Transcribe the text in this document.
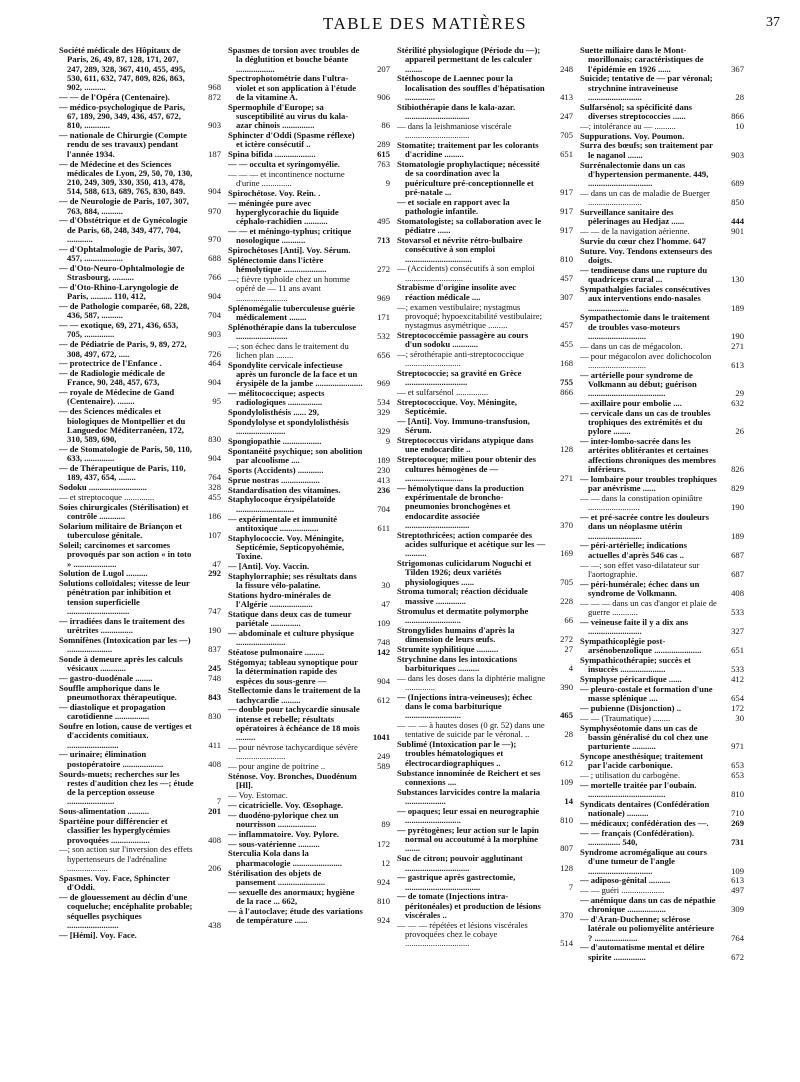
TABLE DES MATIÈRES	37
Société médicale des Hôpitaux de Paris, 26, 49, 87, 128, 171, 207, 247, 289, 328, 367, 410, 455, 495, 530, 611, 632, 747, 809, 826, 863, 902, ..........	968
— — de l'Opéra (Centenaire).	872
— médico-psychologique de Paris, 67, 189, 290, 349, 436, 457, 672, 810, ............	903
— nationale de Chirurgie (Compte rendu de ses travaux) pendant l'année 1934.	187
— de Médecine et des Sciences médicales de Lyon, 29, 50, 70, 130, 210, 249, 309, 330, 350, 413, 478, 514, 588, 613, 689, 765, 830, 849.	904
— de Neurologie de Paris, 107, 307, 763, 884, ..........	970
— d'Obstétrique et de Gynécologie de Paris, 68, 248, 349, 477, 704, ............	970
— d'Ophtalmologie de Paris, 307, 457, ..................	688
— d'Oto-Neuro-Ophtalmologie de Strasbourg, ..........	766
— d'Oto-Rhino-Laryngologie de Paris, .......... 110, 412,	904
— de Pathologie comparée, 68, 228, 436, 587, ..........	704
— — exotique, 69, 271, 436, 653, 705, ..............	903
— de Pédiatrie de Paris, 9, 89, 272, 308, 497, 672, .....	726
— protectrice de l'Enfance .	464
— de Radiologie médicale de France, 90, 248, 457, 673,	904
— royale de Médecine de Gand (Centenaire). ........	95
— des Sciences médicales et biologiques de Montpellier et du Languedoc Méditerranéen, 172, 310, 589, 690,	830
— de Stomatologie de Paris, 50, 110, 633, ..............	904
— de Thérapeutique de Paris, 110, 189, 437, 654, ........	764
Sodoku ...........................	328
— et streptocoque ..............	455
Soies chirurgicales (Stérilisation) et contrôle ............	186
Solarium militaire de Briançon et tuberculose génitale.	107
Soleil; carcinomes et sarcomes provoqués par son action « in toto » ....................	47
Solution de Lugol ..........	292
Solutions colloïdales; vitesse de leur pénétration par inhibition et tension superficielle .............................	747
— irradiées dans le traitement des urétrites ...............	190
Somnifènes (Intoxication par les —) .....................	837
Sonde à demeure après les calculs vésicaux ............	245
— gastro-duodénale ........	748
Souffle amphorique dans le pneumothorax thérapeutique.	843
— diastolique et propagation carotidienne ................	830
Soufre en lotion, cause de vertiges et d'accidents comitiaux. ........................	411
— urinaire; élimination postopératoire ...................	408
Sourds-muets; recherches sur les restes d'audition chez les —; étude de la perception osseuse ......................	7
Sous-alimentation ..........	201
Spartéine pour différencier et classifier les hyperglycémies provoquées ..................	408
—; son action sur l'inversion des effets hypertenseurs de l'adrénaline ...................	206
Spasmes. Voy. Face, Sphincter d'Oddi.
— de glouessement au déclin d'une coqueluche; encéphalite probable; séquelles psychiques ........................	438
— [Hémi]. Voy. Face.
Spasmes de torsion avec troubles de la déglutition et bouche béante ..................	207
Spectrophotométrie dans l'ultra-violet et son application à l'étude de la vitamine A.	906
Spermophile d'Europe; sa susceptibilité au virus du kala-azar chinois ...............	86
Sphincter d'Oddi (Spasme réflexe) et ictère consécutif ..	289
Spina bifida ...................	615
— — occulta et syringomyélie.	763
— — — et incontinence nocturne d'urine ..............	9
Spirochétose. Voy. Rein. .
— méningée pure avec hyperglycorachie du liquide céphalo-rachidien ...........	495
— — et méningo-typhus; critique nosologique ...........	713
Spirochétoses [Anti]. Voy. Sérum.
Splénectomie dans l'ictère hémolytique ....................	272
—; fièvre typhoïde chez un homme opéré de — 11 ans avant ........................	969
Splénomégalie tuberculeuse guérie médicalement ........	171
Splénothérapie dans la tuberculose ........................	532
—; son échec dans le traitement du lichen plan ........	656
Spondylite cervicale infectieuse après un furoncle de la face et un érysipèle de la jambe ......................	969
— mélitococcique; aspects radiologiques ................	534
Spondylolisthésis ...... 29,	329
Spondylolyse et spondylolisthésis .......................	329
Spongiopathie ..................	9
Spontanéité psychique; son abolition par alcoolisme ....	189
Sports (Accidents) ............	230
Sprue nostras ..................	413
Standardisation des vitamines.	236
Staphylocoque érysipélatoïde ...........................	704
— expérimentale et immunité antitoxique ..................	611
Staphylococcie. Voy. Méningite, Septicémie, Septicopyohémie, Toxine.
— [Anti]. Voy. Vaccin.
Staphylorraphie; ses résultats dans la fissure vélo-palatine.	30
Stations hydro-minérales de l'Algérie ....................	47
Statique dans deux cas de tumeur pariétale ..............	109
— abdominale et culture physique .......................	748
Stéatose pulmonaire .........	142
Stégomya; tableau synoptique pour la détermination rapide des espèces du sous-genre —	904
Stellectomie dans le traitement de la tachycardie .........	612
— double pour tachycardie sinusale intense et rebelle; résultats opératoires à échéance de 18 mois .........	1041
— pour névrose tachycardique sévère .......................	249
— pour angine de poitrine ..	589
Sténose. Voy. Bronches, Duodénum [Hl].
— Voy. Estomac.
— cicatricielle. Voy. Œsophage.
— duodéno-pylorique chez un nourrisson ..................	89
— inflammatoire. Voy. Pylore.
— sous-vatérienne ..........	172
Sterculia Kola dans la pharmacologie .......................	12
Stérilisation des objets de pansement ......................	924
— sexuelle des anormaux; hygiène de la race ... 662,	810
— à l'autoclave; étude des variations de température ......	924
Stérilité physiologique (Période du —); appareil permettant de les calculer ........	248
Stéthoscope de Laennec pour la localisation des souffles d'hépatisation ..............	413
Stibiothérapie dans le kala-azar. ..............................	247
— dans la leishmaniose viscérale ..............................	705
Stomatite; traitement par les colorants d'acridine .........	651
Stomatologie prophylactique; nécessité de sa coordination avec la puériculture pré-conceptionnelle et pré-natale ...	917
— et sociale en rapport avec la pathologie infantile.	917
Stomatologiste; sa collaboration avec le pédiatre ......	917
Stovarsol et névrite rétro-bulbaire consécutive à son emploi ...............................	810
— (Accidents) consécutifs à son emploi ...........................	457
Strabisme d'origine insolite avec réaction médicale ....	307
—; examen vestibulaire; nystagmus provoqué; hypoexcitabilité vestibulaire; nystagmus asymétrique .........	457
Streptococcémie passagère au cours d'un sodoku ............	455
—; sérothérapie anti-streptococcique ..........................	168
Streptococcie; sa gravité en Grèce .............................	755
— et sulfarsénol ...............	866
Streptococcique. Voy. Méningite, Septicémie.
— [Anti]. Voy. Immuno-transfusion, Sérum.
Streptococcus viridans atypique dans une endocardite ..	128
Streptocoque; milieu pour obtenir des cultures hémogènes de — ...........................	271
— hémolytique dans la production expérimentale de broncho-pneumonies bronchogènes et endocardite associée ..............................	370
Streptothricées; action comparée des acides sulfurique et acétique sur les — ..........	169
Strigomonas culicidarum Noguchi et Tilden 1926; deux variétés physiologiques ......	705
Stroma tumoral; réaction déciduale massive ..............	228
Stromulus et dermatite polymorphe ..........................	66
Strongylides humains d'après la dimension de leurs œufs.	272
Strumite syphilitique ..........	27
Strychnine dans les intoxications barbituriques ..........	4
— dans les doses dans la diphtérie maligne ..............	390
— (Injections intra-veineuses); échec dans le coma barbiturique ..........................	465
— — — à hautes doses (0 gr. 52) dans une tentative de suicide par le véronal. ..	28
Sublimé (Intoxication par le —); troubles hématologiques et électrocardiographiques ..	612
Substance innominée de Reichert et ses connexions ....	109
Substances larvicides contre la malaria ...................	14
— opaques; leur essai en neurographie ..........................	810
— pyrétogènes; leur action sur le lapin normal ou accoutumé à la morphine .......	807
Suc de citron; pouvoir agglutinant ..............................	128
— gastrique après gastrectomie, ...................................	7
— de tomate (Injections intra-péritonéales) et production de lésions viscérales ..	370
— — — répétées et lésions viscérales provoquées chez le cobaye ..............................	514
Suette miliaire dans le Mont-morillonais; caractéristiques de l'épidémie en 1926 ......	367
Suicide; tentative de — par véronal; strychnine intraveineuse .........................	28
Sulfarsénol; sa spécificité dans diverses streptococcies ......	866
—; intolérance au — ..........	10
Suppurations. Voy. Poumon.
Surra des bœufs; son traitement par le naganol .......	903
Surrénalectomie dans un cas d'hypertension permanente. 449, ..............................	689
— dans un cas de maladie de Buerger .........................	850
Surveillance sanitaire des pèlerinages au Hedjaz ......	444
— — de la navigation aérienne.	901
Survie du cœur chez l'homme. 647
Suture. Voy. Tendons extenseurs des doigts.
— tendineuse dans une rupture du quadriceps crural ...	130
Sympathalgies faciales consécutives aux interventions endo-nasales ...................	189
Sympathectomie dans le traitement de troubles vaso-moteurs ...........................	190
— dans un cas de mégacolon.	271
— pour mégacolon avec dolichocolon ...........................	613
— artérielle pour syndrome de Volkmann au début; guérison ....................................	29
— axillaire pour embolie ....	632
— cervicale dans un cas de troubles trophiques des extrémités et du pylore ........	26
— inter-lombo-sacrée dans les artérites oblitérantes et certaines affections chroniques des membres inférieurs.	826
— lombaire pour troubles trophiques par anévrisme ......	829
— — dans la constipation opiniâtre ........................	190
— et pré-sacrée contre les douleurs dans un néoplasme utérin .........................	189
— péri-artérielle; indications actuelles d'après 546 cas ..	687
— —; son effet vaso-dilatateur sur l'aortographie.	687
— péri-humérale; échec dans un syndrome de Volkmann.	408
— — — dans un cas d'angor et plaie de guerre ............	533
— veineuse faite il y a dix ans .........................	327
Sympathicoplégie post-arsénobenzolique ......................	651
Sympathicothérapie; succès et insuccès .....................	533
Symphyse péricardique ......	412
— pleuro-costale et formation d'une masse splénique ....	654
— pubienne (Disjonction) ..	172
— — (Traumatique) ........	30
Symphyséotomie dans un cas de bassin généralisé du col chez une parturiente ...........	971
Syncope anesthésique; traitement par l'acide carbonique.	653
— ; utilisation du carbogène.	653
— mortelle traitée par l'oubain. ....................................	810
Syndicats dentaires (Confédération nationale) ..........	710
— médicaux; confédération des —.	269
— — français (Confédération). ............... 540,	731
Syndrome acromégalique au cours d'une tumeur de l'angle ..............................	109
— adiposo-génital ..........	613
— — guéri ....................	497
— anémique dans un cas de népathie chronique ..................	309
— d'Aran-Duchenne; sclérose latérale ou poliomyélite antérieure ? ....................	764
— d'automatisme mental et délire spirite ...............	672
